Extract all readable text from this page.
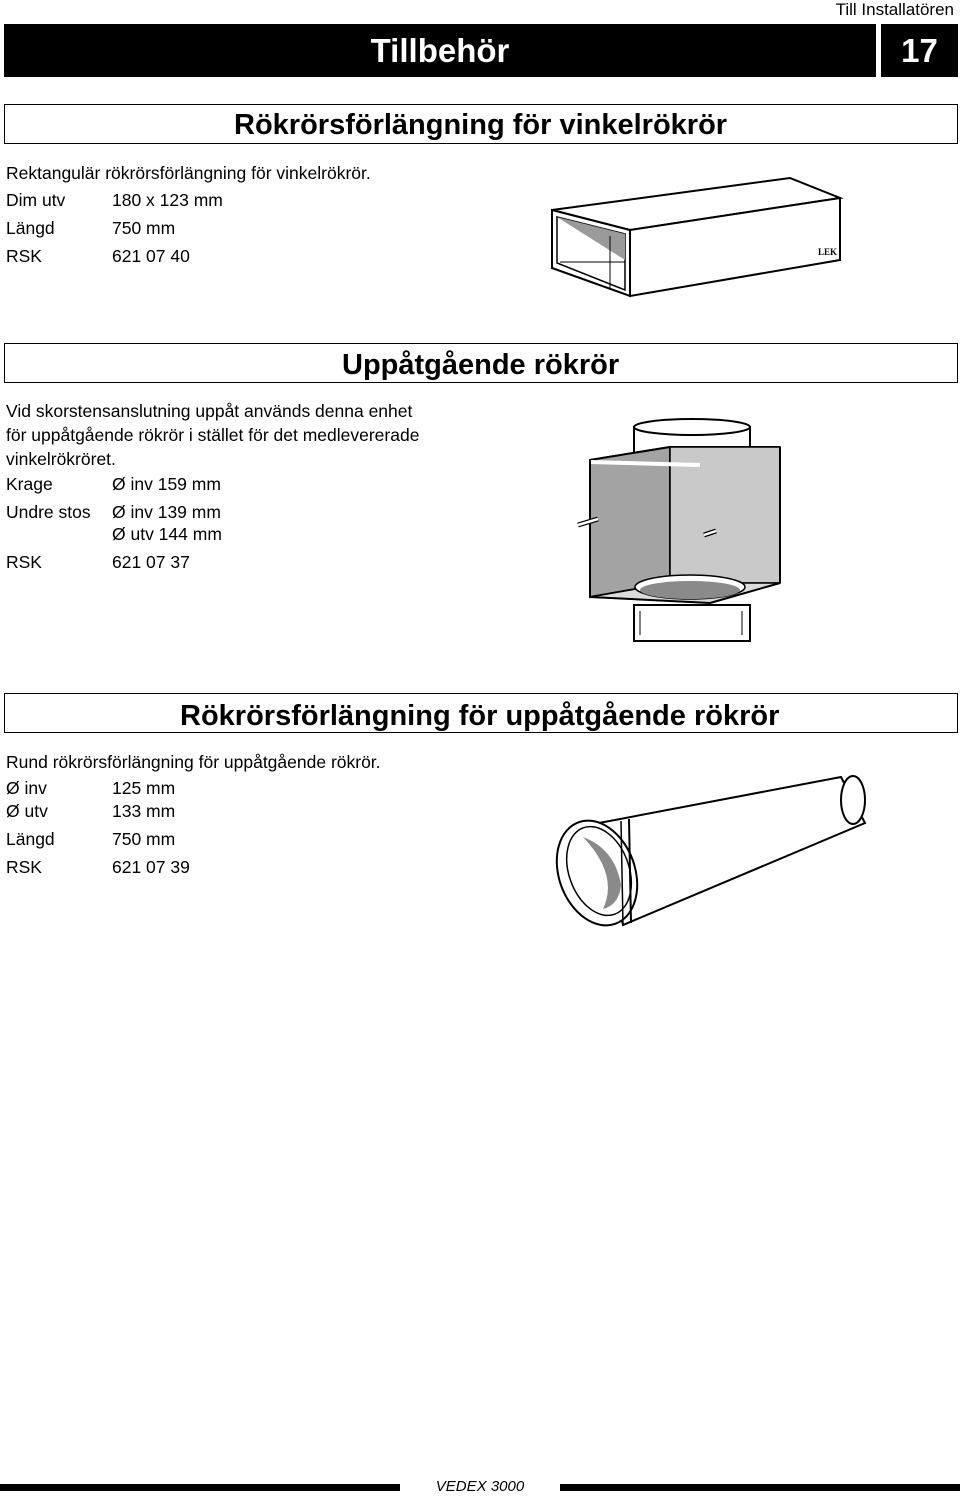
Till Installatören
Tillbehör	17
Rökrörsförlängning för vinkelrökrör
Rektangulär rökrörsförlängning för vinkelrökrör.
Dim utv	180 x 123 mm
Längd	750 mm
RSK	621 07 40	LEK
Uppåtgående rökrör
Vid skorstensanslutning uppåt används denna enhet
för uppåtgående rökrör i stället för det medlevererade
vinkelrökröret.
Krage	Ø inv 159 mm
Undre stos Ø inv 139 mm
Ø utv 144 mm
RSK	621 07 37
Rökrörsförlängning för uppåtgående rökrör
Rund rökrörsförlängning för uppåtgående rökrör.
Ø inv	125 mm
Ø utv	133 mm
Längd	750 mm
RSK	621 07 39
VEDEX 3000
